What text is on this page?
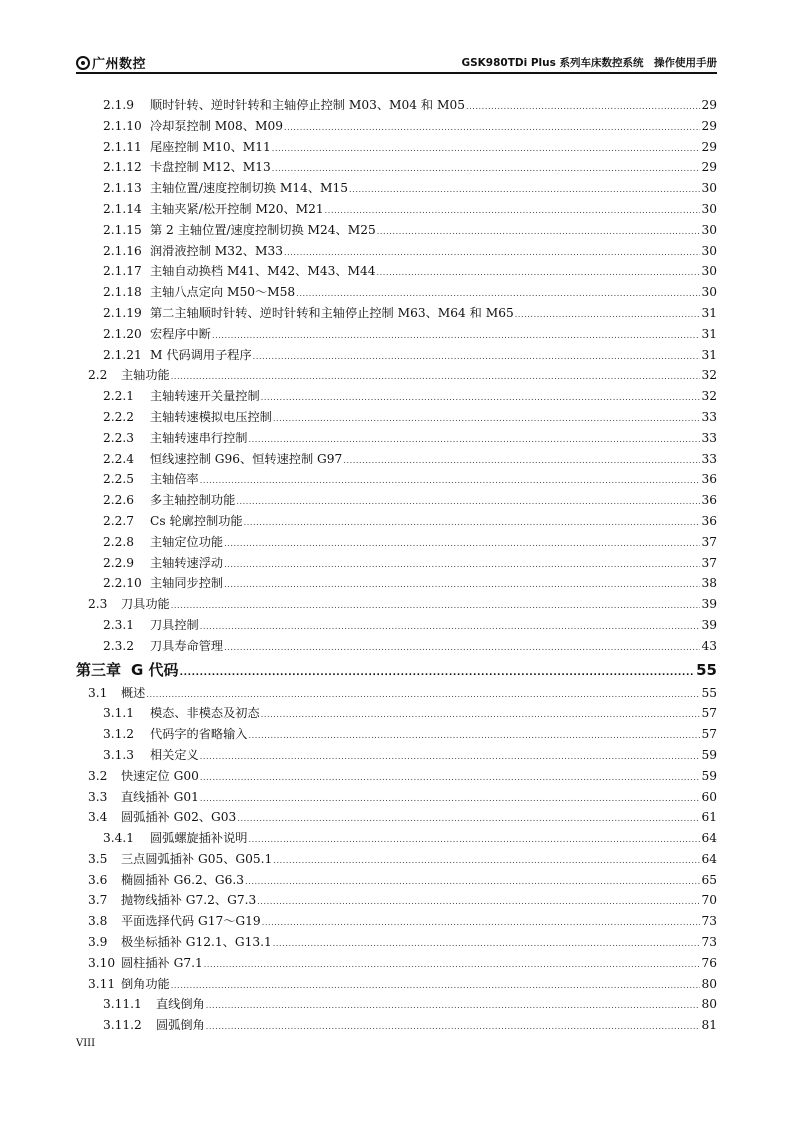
广州数控	GSK980TDi Plus 系列车床数控系统　操作使用手册
2.1.9	顺时针转、逆时针转和主轴停止控制 M03、M04 和 M05 .....	29
2.1.10 冷却泵控制 M08、M09 .....	29
2.1.11 尾座控制 M10、M11 .....	29
2.1.12 卡盘控制 M12、M13 .....	29
2.1.13 主轴位置/速度控制切换 M14、M15 .....	30
2.1.14 主轴夹紧/松开控制 M20、M21 .....	30
2.1.15 第 2 主轴位置/速度控制切换 M24、M25 .....	30
2.1.16 润滑液控制 M32、M33 .....	30
2.1.17 主轴自动换档 M41、M42、M43、M44 .....	30
2.1.18 主轴八点定向 M50～M58 .....	30
2.1.19 第二主轴顺时针转、逆时针转和主轴停止控制 M63、M64 和 M65 .....	31
2.1.20 宏程序中断 .....	31
2.1.21 M 代码调用子程序 .....	31
2.2	主轴功能 .....	32
2.2.1	主轴转速开关量控制 .....	32
2.2.2	主轴转速模拟电压控制 .....	33
2.2.3	主轴转速串行控制 .....	33
2.2.4	恒线速控制 G96、恒转速控制 G97 .....	33
2.2.5	主轴倍率 .....	36
2.2.6	多主轴控制功能 .....	36
2.2.7	Cs 轮廓控制功能 .....	36
2.2.8	主轴定位功能 .....	37
2.2.9	主轴转速浮动 .....	37
2.2.10 主轴同步控制 .....	38
2.3	刀具功能 .....	39
2.3.1	刀具控制 .....	39
2.3.2	刀具寿命管理 .....	43
第三章 G 代码 .....	55
3.1	概述 .....	55
3.1.1	模态、非模态及初态 .....	57
3.1.2	代码字的省略输入 .....	57
3.1.3	相关定义 .....	59
3.2	快速定位 G00 .....	59
3.3	直线插补 G01 .....	60
3.4	圆弧插补 G02、G03 .....	61
3.4.1	圆弧螺旋插补说明 .....	64
3.5	三点圆弧插补 G05、G05.1 .....	64
3.6	椭圆插补 G6.2、G6.3 .....	65
3.7	抛物线插补 G7.2、G7.3 .....	70
3.8	平面选择代码 G17～G19 .....	73
3.9	极坐标插补 G12.1、G13.1 .....	73
3.10 圆柱插补 G7.1 .....	76
3.11 倒角功能 .....	80
3.11.1	直线倒角 .....	80
3.11.2	圆弧倒角 .....	81
VIII
